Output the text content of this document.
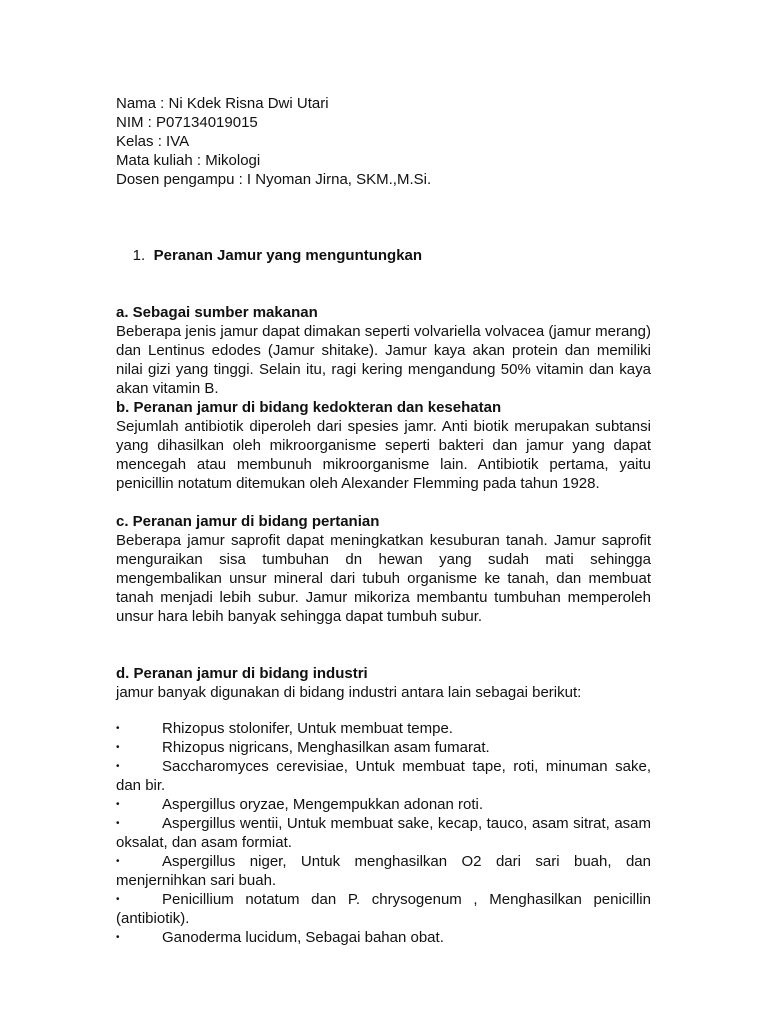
Nama : Ni Kdek Risna Dwi Utari
NIM : P07134019015
Kelas : IVA
Mata kuliah : Mikologi
Dosen pengampu : I Nyoman Jirna, SKM.,M.Si.

1. Peranan Jamur yang menguntungkan

a. Sebagai sumber makanan
Beberapa jenis jamur dapat dimakan seperti volvariella volvacea (jamur merang) dan Lentinus edodes (Jamur shitake). Jamur kaya akan protein dan memiliki nilai gizi yang tinggi. Selain itu, ragi kering mengandung 50% vitamin dan kaya akan vitamin B.
b. Peranan jamur di bidang kedokteran dan kesehatan
Sejumlah antibiotik diperoleh dari spesies jamr. Anti biotik merupakan subtansi yang dihasilkan oleh mikroorganisme seperti bakteri dan jamur yang dapat mencegah atau membunuh mikroorganisme lain. Antibiotik pertama, yaitu penicillin notatum ditemukan oleh Alexander Flemming pada tahun 1928.
c. Peranan jamur di bidang pertanian
Beberapa jamur saprofit dapat meningkatkan kesuburan tanah. Jamur saprofit menguraikan sisa tumbuhan dn hewan yang sudah mati sehingga mengembalikan unsur mineral dari tubuh organisme ke tanah, dan membuat tanah menjadi lebih subur. Jamur mikoriza membantu tumbuhan memperoleh unsur hara lebih banyak sehingga dapat tumbuh subur.
d. Peranan jamur di bidang industri
jamur banyak digunakan di bidang industri antara lain sebagai berikut:
•	Rhizopus stolonifer, Untuk membuat tempe.
•	Rhizopus nigricans, Menghasilkan asam fumarat.
•	Saccharomyces cerevisiae, Untuk membuat tape, roti, minuman sake, dan bir.
•	Aspergillus oryzae, Mengempukkan adonan roti.
•	Aspergillus wentii, Untuk membuat sake, kecap, tauco, asam sitrat, asam oksalat, dan asam formiat.
•	Aspergillus niger, Untuk menghasilkan O2 dari sari buah, dan menjernihkan sari buah.
•	Penicillium notatum dan P. chrysogenum , Menghasilkan penicillin (antibiotik).
•	Ganoderma lucidum, Sebagai bahan obat.
